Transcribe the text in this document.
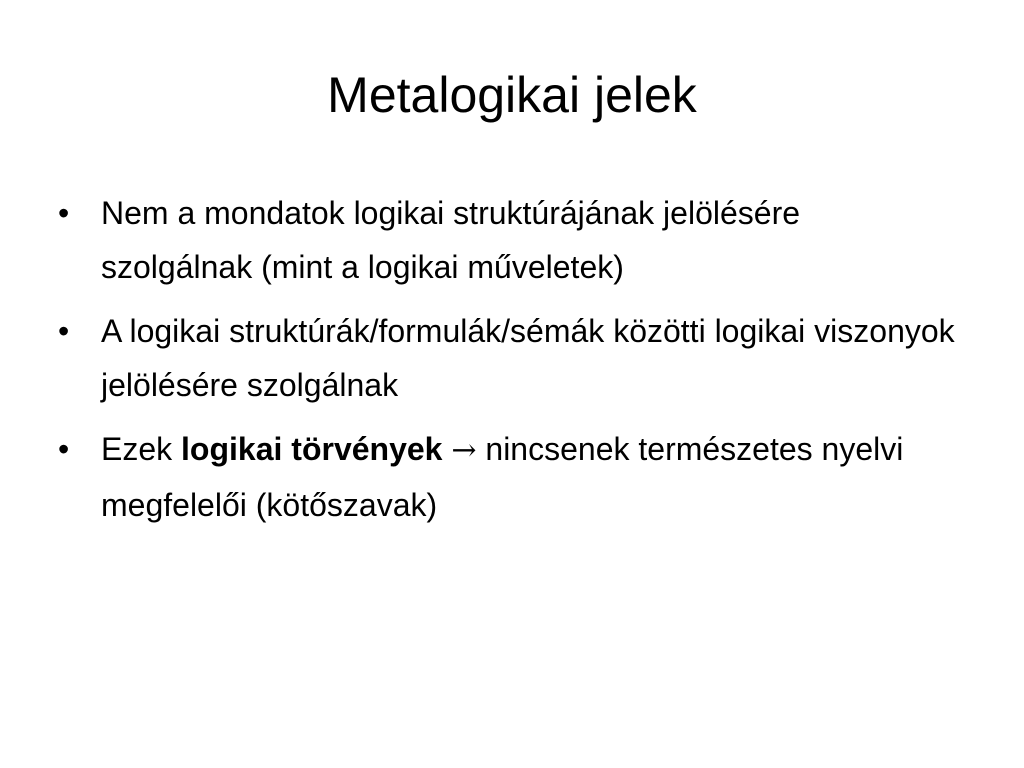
Metalogikai jelek
• Nem a mondatok logikai struktúrájának jelölésére szolgálnak (mint a logikai műveletek)
• A logikai struktúrák/formulák/sémák közötti logikai viszonyok jelölésére szolgálnak
• Ezek logikai törvények → nincsenek természetes nyelvi megfelelői (kötőszavak)
